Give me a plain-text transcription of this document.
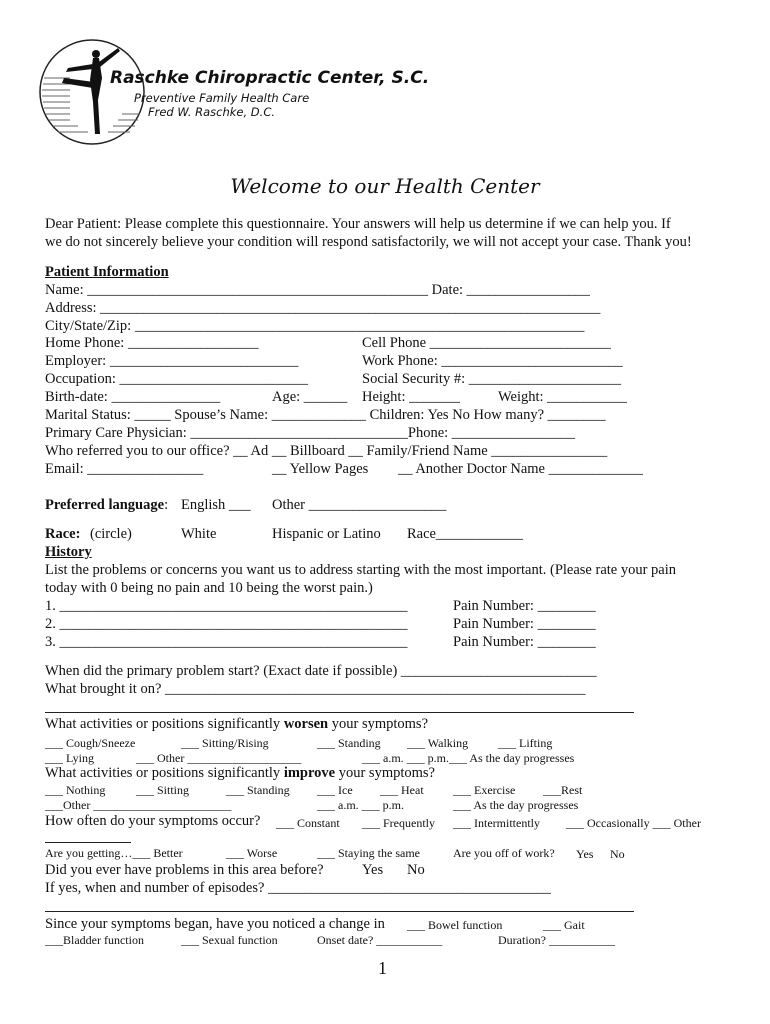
Raschke Chiropractic Center, S.C.
Preventive Family Health Care
Fred W. Raschke, D.C.
Welcome to our Health Center
Dear Patient: Please complete this questionnaire. Your answers will help us determine if we can help you. If
we do not sincerely believe your condition will respond satisfactorily, we will not accept your case. Thank you!
Patient Information
Name: _______________________________________________ Date: _________________
Address: _____________________________________________________________________
City/State/Zip: ______________________________________________________________
Home Phone: __________________	Cell Phone _________________________
Employer: __________________________	Work Phone: _________________________
Occupation: __________________________	Social Security #: _____________________
Birth-date: _______________	Age: ______ Height: _______	Weight: ___________
Marital Status: _____ Spouse’s Name: _____________ Children: Yes No How many? ________
Primary Care Physician: ______________________________Phone: _________________
Who referred you to our office? __ Ad __ Billboard __ Family/Friend Name ________________
Email: ________________	__ Yellow Pages __ Another Doctor Name _____________
Preferred language: English ___ Other ___________________
Race: (circle)	White	Hispanic or Latino Race____________
History
List the problems or concerns you want us to address starting with the most important. (Please rate your pain
today with 0 being no pain and 10 being the worst pain.)
1. ________________________________________________	Pain Number: ________
2. ________________________________________________	Pain Number: ________
3. ________________________________________________	Pain Number: ________
When did the primary problem start? (Exact date if possible) ___________________________
What brought it on? __________________________________________________________
What activities or positions significantly worsen your symptoms?
___ Cough/Sneeze	___ Sitting/Rising	___ Standing ___ Walking ___ Lifting
___ Lying	___ Other ___________________	___ a.m. ___ p.m.___ As the day progresses
What activities or positions significantly improve your symptoms?
___ Nothing	___ Sitting	___ Standing ___ Ice ___ Heat ___ Exercise ___Rest
___Other _______________________	___ a.m. ___ p.m.	___ As the day progresses
How often do your symptoms occur? ___ Constant ___ Frequently ___ Intermittently ___ Occasionally ___ Other
Are you getting…___ Better	___ Worse	___ Staying the same	Are you off of work? Yes No
Did you ever have problems in this area before?	Yes No
If yes, when and number of episodes? _______________________________________
Since your symptoms began, have you noticed a change in ___ Bowel function	___ Gait
___Bladder function	___ Sexual function	Onset date? ___________	Duration? ___________
1
